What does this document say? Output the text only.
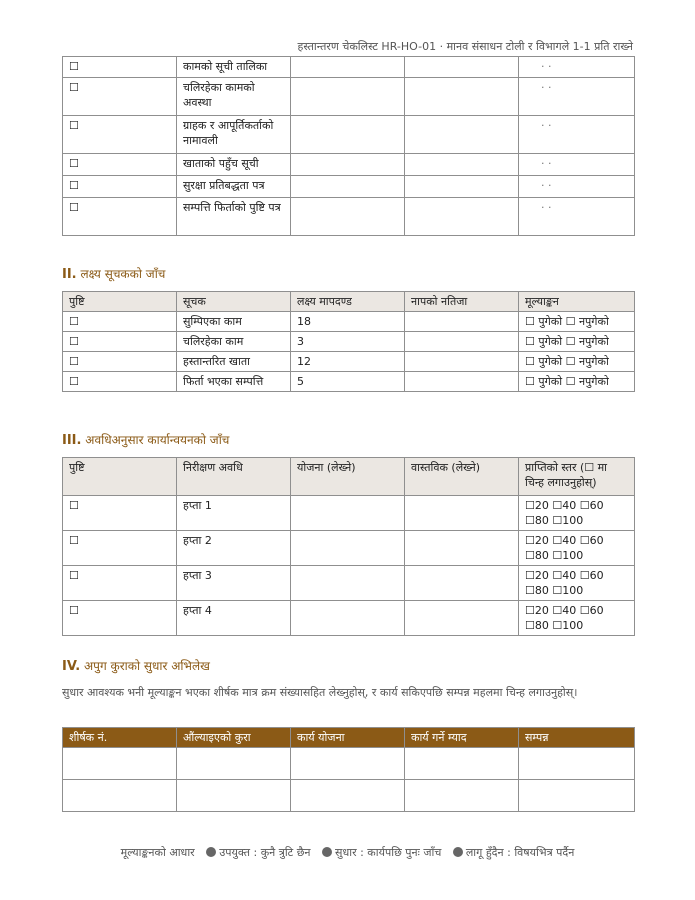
हस्तान्तरण चेकलिस्ट HR-HO-01 · मानव संसाधन टोली र विभागले 1-1 प्रति राख्ने
☐	कामको सूची तालिका			· ·
☐	चलिरहेका कामको अवस्था			· ·
☐	ग्राहक र आपूर्तिकर्ताको नामावली			· ·
☐	खाताको पहुँच सूची			· ·
☐	सुरक्षा प्रतिबद्धता पत्र			· ·
☐	सम्पत्ति फिर्ताको पुष्टि पत्र			· ·
II. लक्ष्य सूचकको जाँच
पुष्टि	सूचक	लक्ष्य मापदण्ड	नापको नतिजा	मूल्याङ्कन
☐	सुम्पिएका काम	18		☐ पुगेको ☐ नपुगेको
☐	चलिरहेका काम	3		☐ पुगेको ☐ नपुगेको
☐	हस्तान्तरित खाता	12		☐ पुगेको ☐ नपुगेको
☐	फिर्ता भएका सम्पत्ति	5		☐ पुगेको ☐ नपुगेको
III. अवधिअनुसार कार्यान्वयनको जाँच
पुष्टि	निरीक्षण अवधि	योजना (लेख्ने)	वास्तविक (लेख्ने)	प्राप्तिको स्तर (☐ मा चिन्ह लगाउनुहोस्)
☐	हप्ता 1			☐20 ☐40 ☐60
☐80 ☐100

☐	हप्ता 2			☐20 ☐40 ☐60
☐80 ☐100

☐	हप्ता 3			☐20 ☐40 ☐60
☐80 ☐100

☐	हप्ता 4			☐20 ☐40 ☐60
☐80 ☐100
IV. अपुग कुराको सुधार अभिलेख
सुधार आवश्यक भनी मूल्याङ्कन भएका शीर्षक मात्र क्रम संख्यासहित लेख्नुहोस्, र कार्य सकिएपछि सम्पन्न महलमा चिन्ह लगाउनुहोस्।
शीर्षक नं.	औंल्याइएको कुरा	कार्य योजना	कार्य गर्ने म्याद	सम्पन्न

मूल्याङ्कनको आधार उपयुक्त : कुनै त्रुटि छैन सुधार : कार्यपछि पुनः जाँच लागू हुँदैन : विषयभित्र पर्दैन
